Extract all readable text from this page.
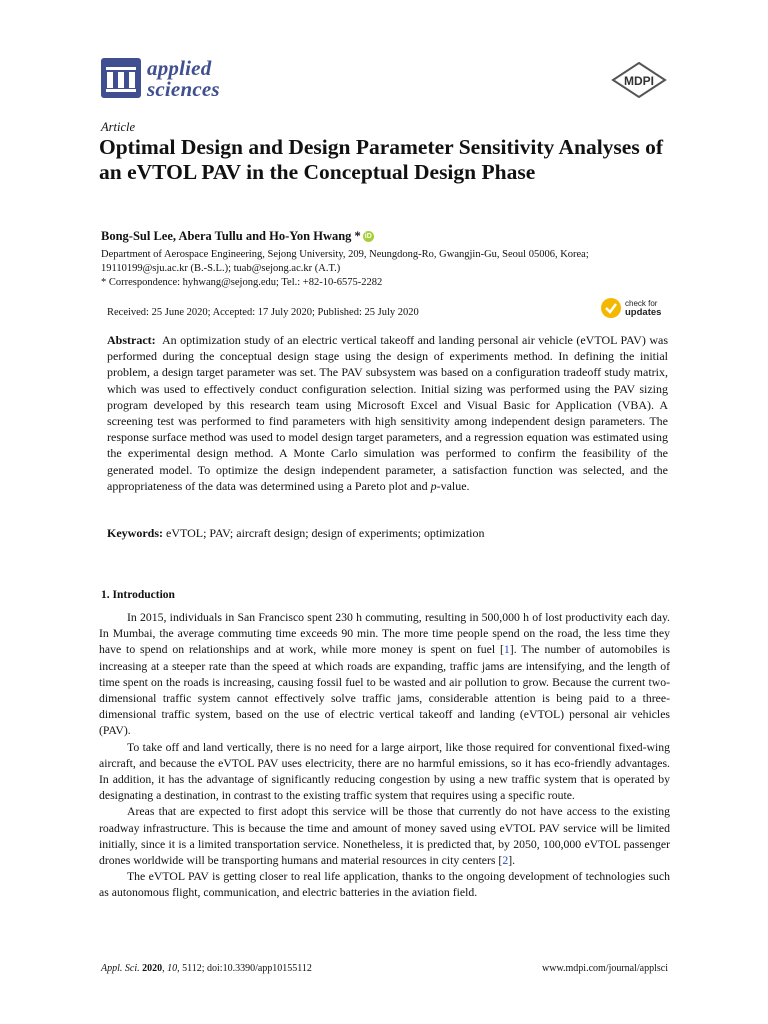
applied
sciences	MDPI
Article
Optimal Design and Design Parameter Sensitivity Analyses of an eVTOL PAV in the Conceptual Design Phase
Bong-Sul Lee, Abera Tullu and Ho-Yon Hwang * iD

Department of Aerospace Engineering, Sejong University, 209, Neungdong-Ro, Gwangjin-Gu, Seoul 05006, Korea; 19110199@sju.ac.kr (B.-S.L.); tuab@sejong.ac.kr (A.T.)

* Correspondence: hyhwang@sejong.edu; Tel.: +82-10-6575-2282
Received: 25 June 2020; Accepted: 17 July 2020; Published: 25 July 2020
check for
updates

Abstract: An optimization study of an electric vertical takeoff and landing personal air vehicle (eVTOL PAV) was performed during the conceptual design stage using the design of experiments method. In defining the initial problem, a design target parameter was set. The PAV subsystem was based on a configuration tradeoff study matrix, which was used to effectively conduct configuration selection. Initial sizing was performed using the PAV sizing program developed by this research team using Microsoft Excel and Visual Basic for Application (VBA). A screening test was performed to find parameters with high sensitivity among independent design parameters. The response surface method was used to model design target parameters, and a regression equation was estimated using the experimental design method. A Monte Carlo simulation was performed to confirm the feasibility of the generated model. To optimize the design independent parameter, a satisfaction function was selected, and the appropriateness of the data was determined using a Pareto plot and p-value.

Keywords: eVTOL; PAV; aircraft design; design of experiments; optimization

1. Introduction

In 2015, individuals in San Francisco spent 230 h commuting, resulting in 500,000 h of lost productivity each day. In Mumbai, the average commuting time exceeds 90 min. The more time people spend on the road, the less time they have to spend on relationships and at work, while more money is spent on fuel [1]. The number of automobiles is increasing at a steeper rate than the speed at which roads are expanding, traffic jams are intensifying, and the length of time spent on the roads is increasing, causing fossil fuel to be wasted and air pollution to grow. Because the current two-dimensional traffic system cannot effectively solve traffic jams, considerable attention is being paid to a three-dimensional traffic system, based on the use of electric vertical takeoff and landing (eVTOL) personal air vehicles (PAV).

To take off and land vertically, there is no need for a large airport, like those required for conventional fixed-wing aircraft, and because the eVTOL PAV uses electricity, there are no harmful emissions, so it has eco-friendly advantages. In addition, it has the advantage of significantly reducing congestion by using a new traffic system that is operated by designating a destination, in contrast to the existing traffic system that requires using a specific route.

Areas that are expected to first adopt this service will be those that currently do not have access to the existing roadway infrastructure. This is because the time and amount of money saved using eVTOL PAV service will be limited initially, since it is a limited transportation service. Nonetheless, it is predicted that, by 2050, 100,000 eVTOL passenger drones worldwide will be transporting humans and material resources in city centers [2].

The eVTOL PAV is getting closer to real life application, thanks to the ongoing development of technologies such as autonomous flight, communication, and electric batteries in the aviation field.

Appl. Sci. 2020, 10, 5112; doi:10.3390/app10155112	www.mdpi.com/journal/applsci
